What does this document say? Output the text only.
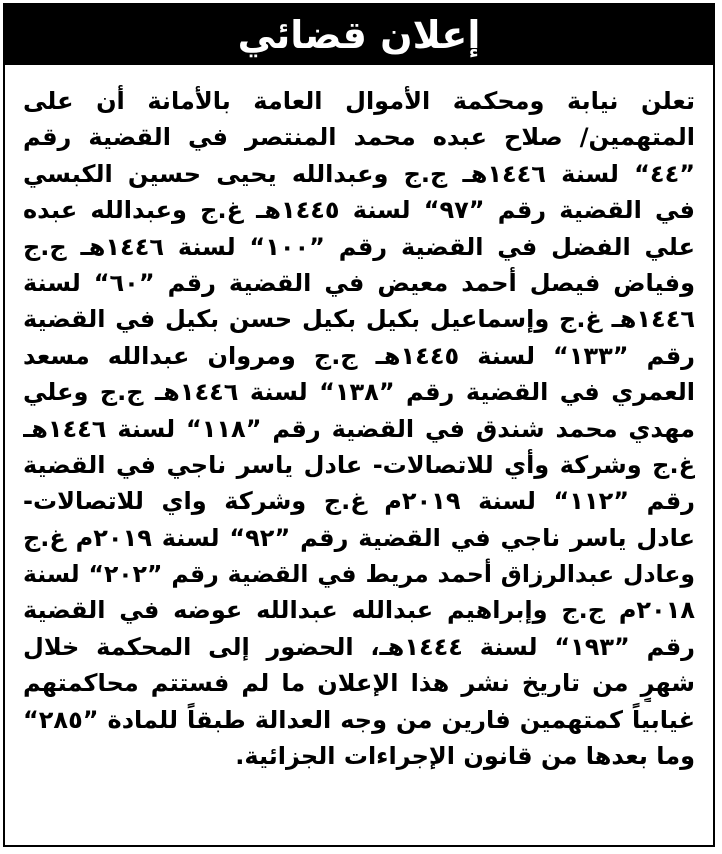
إعلان قضائي
تعلن نيابة ومحكمة الأموال العامة بالأمانة أن على
المتهمين/ صلاح عبده محمد المنتصر في القضية رقم
”٤٤“ لسنة ١٤٤٦هـ ج.ج وعبدالله يحيى حسين الكبسي
في القضية رقم ”٩٧“ لسنة ١٤٤٥هـ غ.ج وعبدالله عبده
علي الفضل في القضية رقم ”١٠٠“ لسنة ١٤٤٦هـ ج.ج
وفياض فيصل أحمد معيض في القضية رقم ”٦٠“ لسنة
١٤٤٦هـ غ.ج وإسماعيل بكيل بكيل حسن بكيل في القضية
رقم ”١٣٣“ لسنة ١٤٤٥هـ ج.ج ومروان عبدالله مسعد
العمري في القضية رقم ”١٣٨“ لسنة ١٤٤٦هـ ج.ج وعلي
مهدي محمد شندق في القضية رقم ”١١٨“ لسنة ١٤٤٦هـ
غ.ج وشركة وأي للاتصالات- عادل ياسر ناجي في القضية
رقم ”١١٢“ لسنة ٢٠١٩م غ.ج وشركة واي للاتصالات-
عادل ياسر ناجي في القضية رقم ”٩٢“ لسنة ٢٠١٩م غ.ج
وعادل عبدالرزاق أحمد مريط في القضية رقم ”٢٠٢“ لسنة
٢٠١٨م ج.ج وإبراهيم عبدالله عبدالله عوضه في القضية
رقم ”١٩٣“ لسنة ١٤٤٤هـ، الحضور إلى المحكمة خلال
شهرٍ من تاريخ نشر هذا الإعلان ما لم فستتم محاكمتهم
غيابياً كمتهمين فارين من وجه العدالة طبقاً للمادة ”٢٨٥“
وما بعدها من قانون الإجراءات الجزائية.
